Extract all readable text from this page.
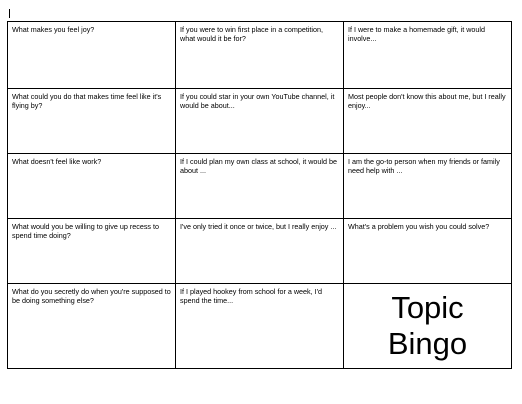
What makes you feel joy?	If you were to win first place in a competition, what would it be for?	If I were to make a homemade gift, it would involve...

What could you do that makes time feel like it's flying by?	If you could star in your own YouTube channel, it would be about...	Most people don't know this about me, but I really enjoy...

What doesn't feel like work?	If I could plan my own class at school, it would be about ...	I am the go-to person when my friends or family need help with ...

What would you be willing to give up recess to spend time doing?	I've only tried it once or twice, but I really enjoy ...	What's a problem you wish you could solve?

What do you secretly do when you're supposed to be doing something else?	If I played hookey from school for a week, I'd spend the time...	Topic
Bingo
